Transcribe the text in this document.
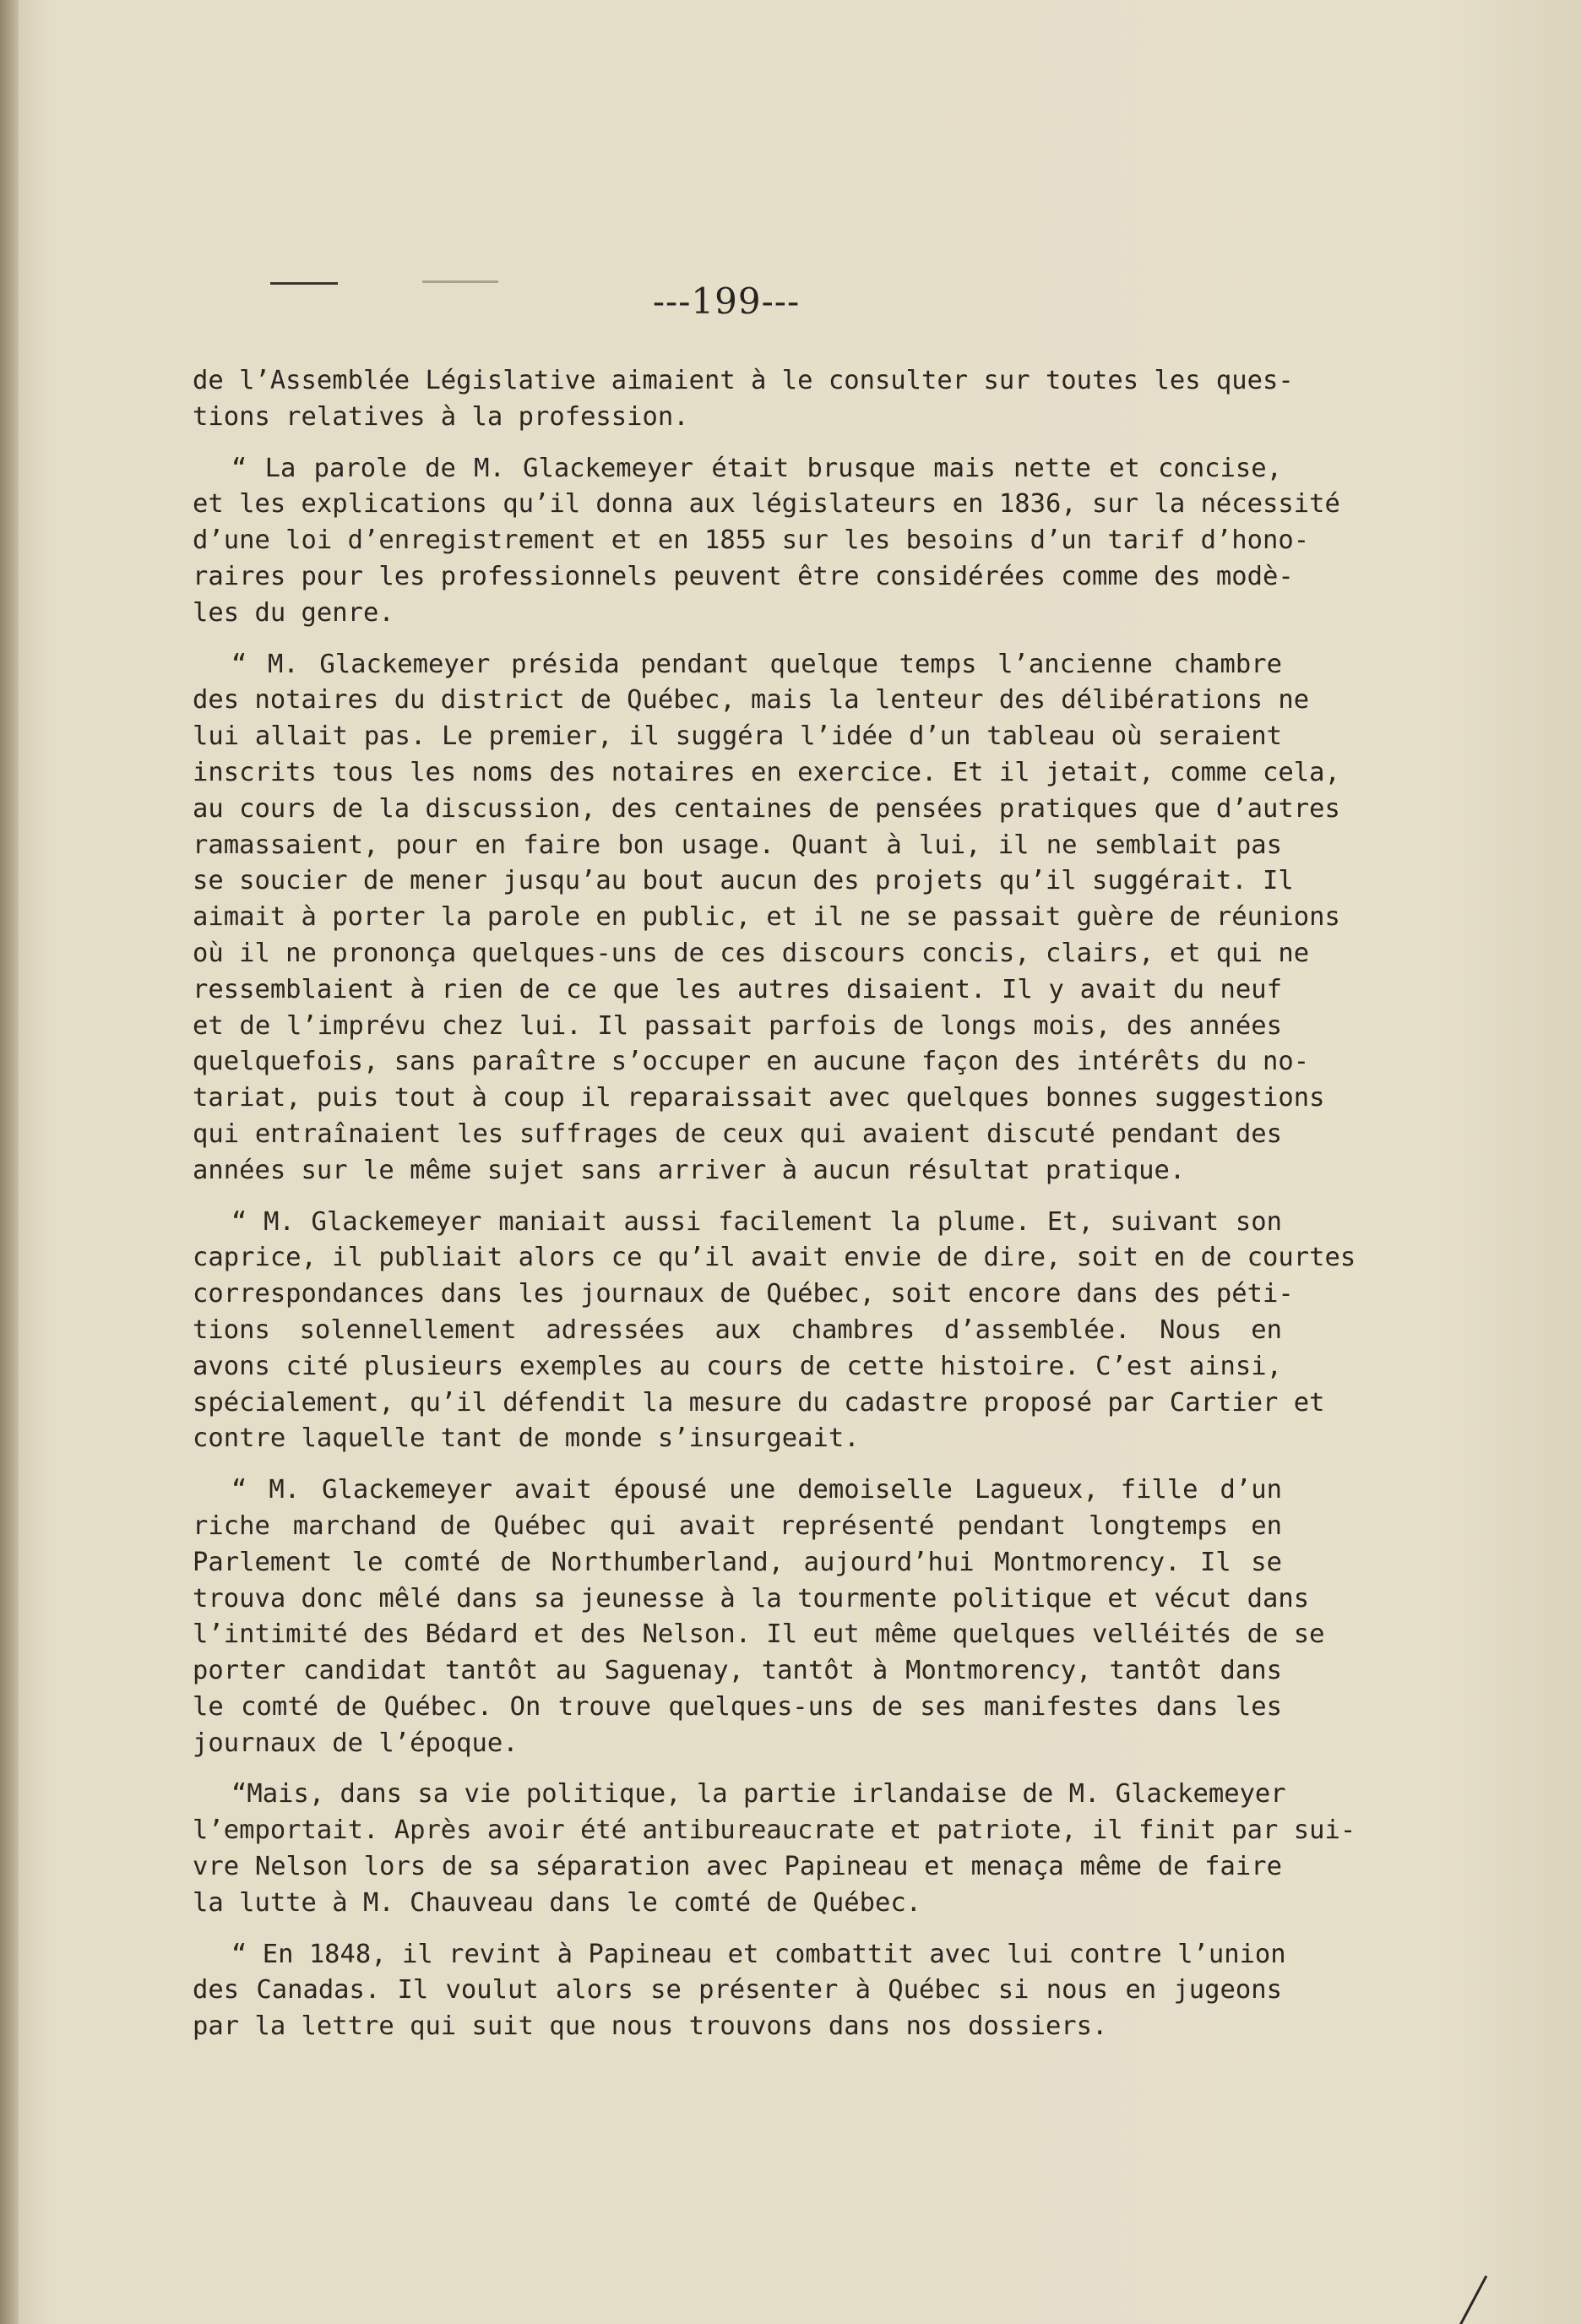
---199---
de l’Assemblée Législative aimaient à le consulter sur toutes les ques-
tions relatives à la profession.
“ La parole de M. Glackemeyer était brusque mais nette et concise,
et les explications qu’il donna aux législateurs en 1836, sur la nécessité
d’une loi d’enregistrement et en 1855 sur les besoins d’un tarif d’hono-
raires pour les professionnels peuvent être considérées comme des modè-
les du genre.
“ M. Glackemeyer présida pendant quelque temps l’ancienne chambre
des notaires du district de Québec, mais la lenteur des délibérations ne
lui allait pas. Le premier, il suggéra l’idée d’un tableau où seraient
inscrits tous les noms des notaires en exercice. Et il jetait, comme cela,
au cours de la discussion, des centaines de pensées pratiques que d’autres
ramassaient, pour en faire bon usage. Quant à lui, il ne semblait pas
se soucier de mener jusqu’au bout aucun des projets qu’il suggérait. Il
aimait à porter la parole en public, et il ne se passait guère de réunions
où il ne prononça quelques-uns de ces discours concis, clairs, et qui ne
ressemblaient à rien de ce que les autres disaient. Il y avait du neuf
et de l’imprévu chez lui. Il passait parfois de longs mois, des années
quelquefois, sans paraître s’occuper en aucune façon des intérêts du no-
tariat, puis tout à coup il reparaissait avec quelques bonnes suggestions
qui entraînaient les suffrages de ceux qui avaient discuté pendant des
années sur le même sujet sans arriver à aucun résultat pratique.
“ M. Glackemeyer maniait aussi facilement la plume. Et, suivant son
caprice, il publiait alors ce qu’il avait envie de dire, soit en de courtes
correspondances dans les journaux de Québec, soit encore dans des péti-
tions solennellement adressées aux chambres d’assemblée. Nous en
avons cité plusieurs exemples au cours de cette histoire. C’est ainsi,
spécialement, qu’il défendit la mesure du cadastre proposé par Cartier et
contre laquelle tant de monde s’insurgeait.
“ M. Glackemeyer avait épousé une demoiselle Lagueux, fille d’un
riche marchand de Québec qui avait représenté pendant longtemps en
Parlement le comté de Northumberland, aujourd’hui Montmorency. Il se
trouva donc mêlé dans sa jeunesse à la tourmente politique et vécut dans
l’intimité des Bédard et des Nelson. Il eut même quelques velléités de se
porter candidat tantôt au Saguenay, tantôt à Montmorency, tantôt dans
le comté de Québec. On trouve quelques-uns de ses manifestes dans les
journaux de l’époque.
“Mais, dans sa vie politique, la partie irlandaise de M. Glackemeyer
l’emportait. Après avoir été antibureaucrate et patriote, il finit par sui-
vre Nelson lors de sa séparation avec Papineau et menaça même de faire
la lutte à M. Chauveau dans le comté de Québec.
“ En 1848, il revint à Papineau et combattit avec lui contre l’union
des Canadas. Il voulut alors se présenter à Québec si nous en jugeons
par la lettre qui suit que nous trouvons dans nos dossiers.
